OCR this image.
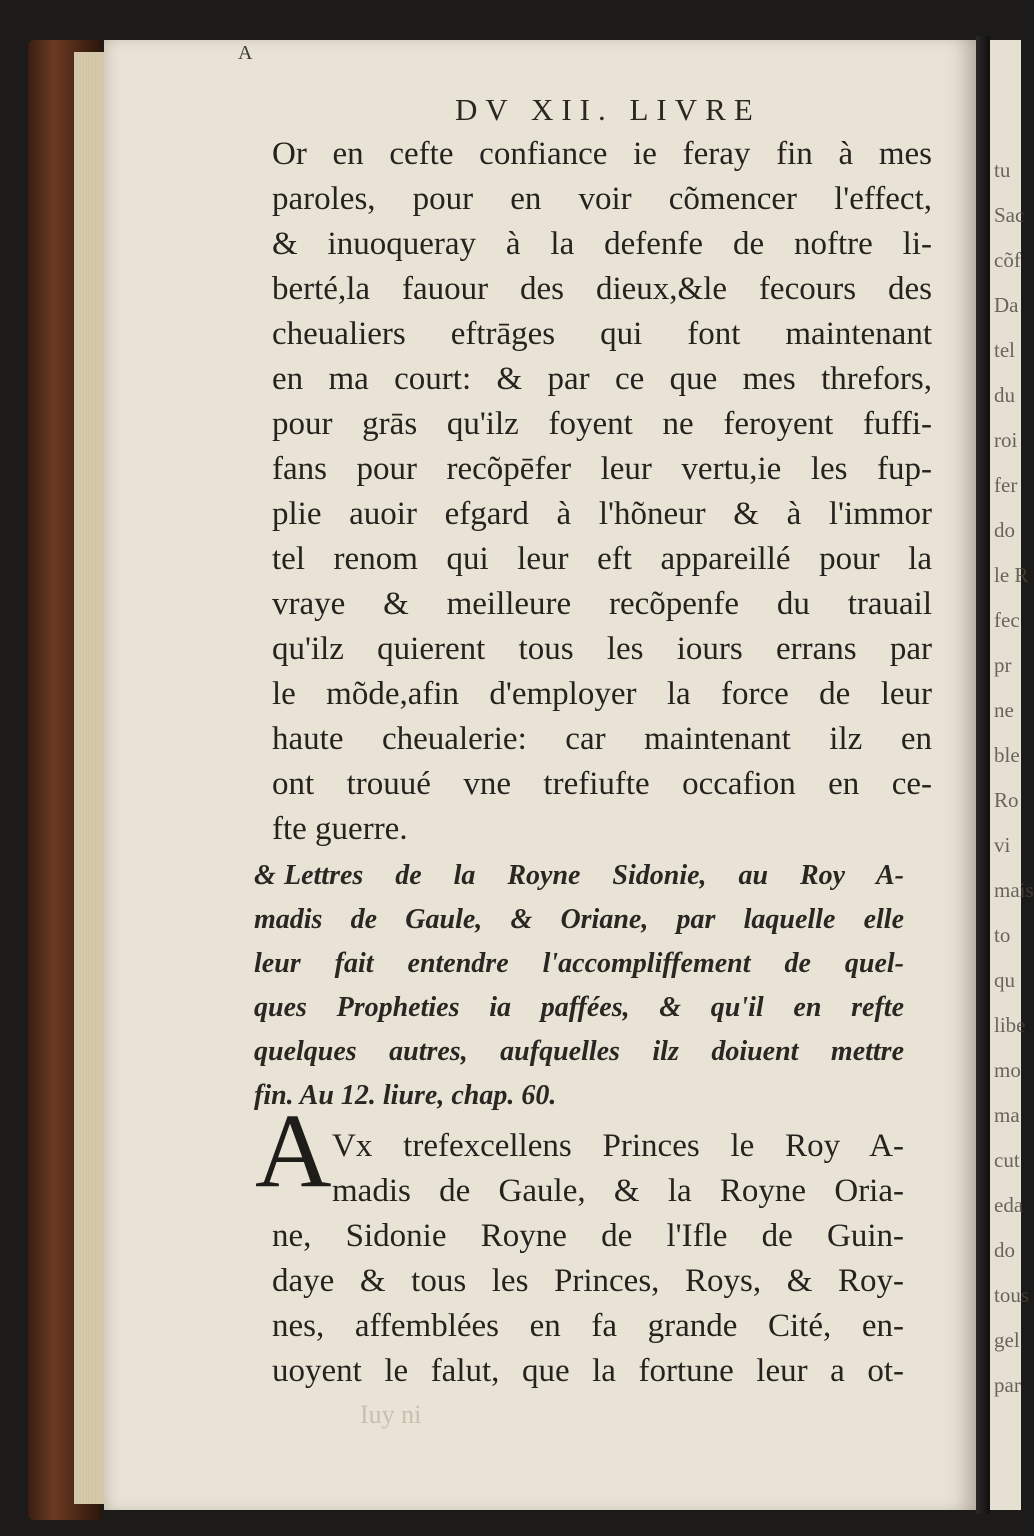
tu
Sac
cõf
Da
tel
du
roi
fer
do
le R
fec
pr
ne
ble
Ro
vi
mais
to
qu
libe
mo
ma
cut
eda
do
tous
gel
par
A
DV XII. LIVRE
Or en cefte confiance ie feray fin à mes
paroles, pour en voir cõmencer l'effect,
& inuoqueray à la defenfe de noftre li-
berté,la fauour des dieux,&le fecours des
cheualiers eftrāges qui font maintenant
en ma court: & par ce que mes threfors,
pour grās qu'ilz foyent ne feroyent fuffi-
fans pour recõpēfer leur vertu,ie les fup-
plie auoir efgard à l'hõneur & à l'immor
tel renom qui leur eft appareillé pour la
vraye & meilleure recõpenfe du trauail
qu'ilz quierent tous les iours errans par
le mõde,afin d'employer la force de leur
haute cheualerie: car maintenant ilz en
ont trouué vne trefiufte occafion en ce-
fte guerre.
& Lettres de la Royne Sidonie, au Roy A-
madis de Gaule, & Oriane, par laquelle elle
leur fait entendre l'accompliffement de quel-
ques Propheties ia paffées, & qu'il en refte
quelques autres, aufquelles ilz doiuent mettre
fin. Au 12. liure, chap. 60.
A Vx trefexcellens Princes le Roy A-
madis de Gaule, & la Royne Oria-
ne, Sidonie Royne de l'Ifle de Guin-
daye & tous les Princes, Roys, & Roy-
nes, affemblées en fa grande Cité, en-
uoyent le falut, que la fortune leur a ot-
Iuy ni
